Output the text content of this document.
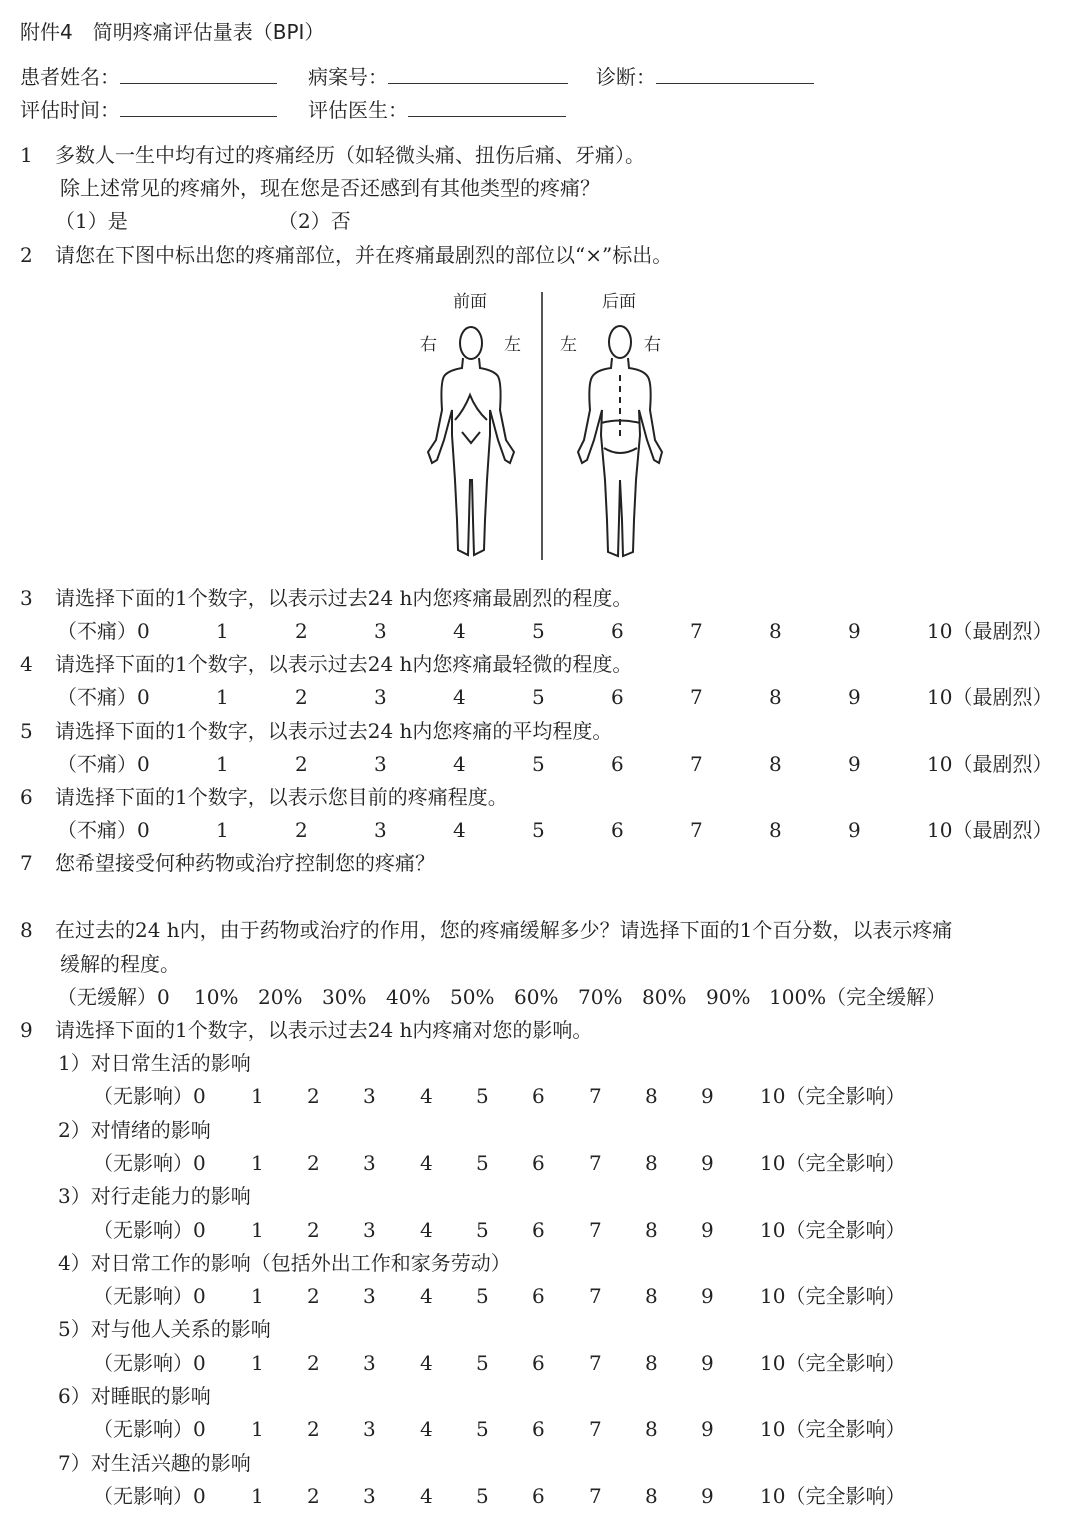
附件4　简明疼痛评估量表（BPI）
患者姓名：	病案号：	诊断：
评估时间：	评估医生：
1 多数人一生中均有过的疼痛经历（如轻微头痛、扭伤后痛、牙痛）。
除上述常见的疼痛外，现在您是否还感到有其他类型的疼痛？
（1）是	（2）否
2 请您在下图中标出您的疼痛部位，并在疼痛最剧烈的部位以“×”标出。
前面	后面
右	左 左	右
3 请选择下面的1个数字，以表示过去24 h内您疼痛最剧烈的程度。
（不痛）0	1	2	3	4	5	6	7	8	9	10（最剧烈）
4 请选择下面的1个数字，以表示过去24 h内您疼痛最轻微的程度。
（不痛）0	1	2	3	4	5	6	7	8	9	10（最剧烈）
5 请选择下面的1个数字，以表示过去24 h内您疼痛的平均程度。
（不痛）0	1	2	3	4	5	6	7	8	9	10（最剧烈）
6 请选择下面的1个数字，以表示您目前的疼痛程度。
（不痛）0	1	2	3	4	5	6	7	8	9	10（最剧烈）
7 您希望接受何种药物或治疗控制您的疼痛？
8 在过去的24 h内，由于药物或治疗的作用，您的疼痛缓解多少？请选择下面的1个百分数，以表示疼痛
缓解的程度。
（无缓解）0 10% 20% 30% 40% 50% 60% 70% 80% 90% 100%（完全缓解）
9 请选择下面的1个数字，以表示过去24 h内疼痛对您的影响。
1）对日常生活的影响
（无影响）0 1 2 3 4 5 6 7 8 9 10（完全影响）
2）对情绪的影响
（无影响）0 1 2 3 4 5 6 7 8 9 10（完全影响）
3）对行走能力的影响
（无影响）0 1 2 3 4 5 6 7 8 9 10（完全影响）
4）对日常工作的影响（包括外出工作和家务劳动）
（无影响）0 1 2 3 4 5 6 7 8 9 10（完全影响）
5）对与他人关系的影响
（无影响）0 1 2 3 4 5 6 7 8 9 10（完全影响）
6）对睡眠的影响
（无影响）0 1 2 3 4 5 6 7 8 9 10（完全影响）
7）对生活兴趣的影响
（无影响）0 1 2 3 4 5 6 7 8 9 10（完全影响）
